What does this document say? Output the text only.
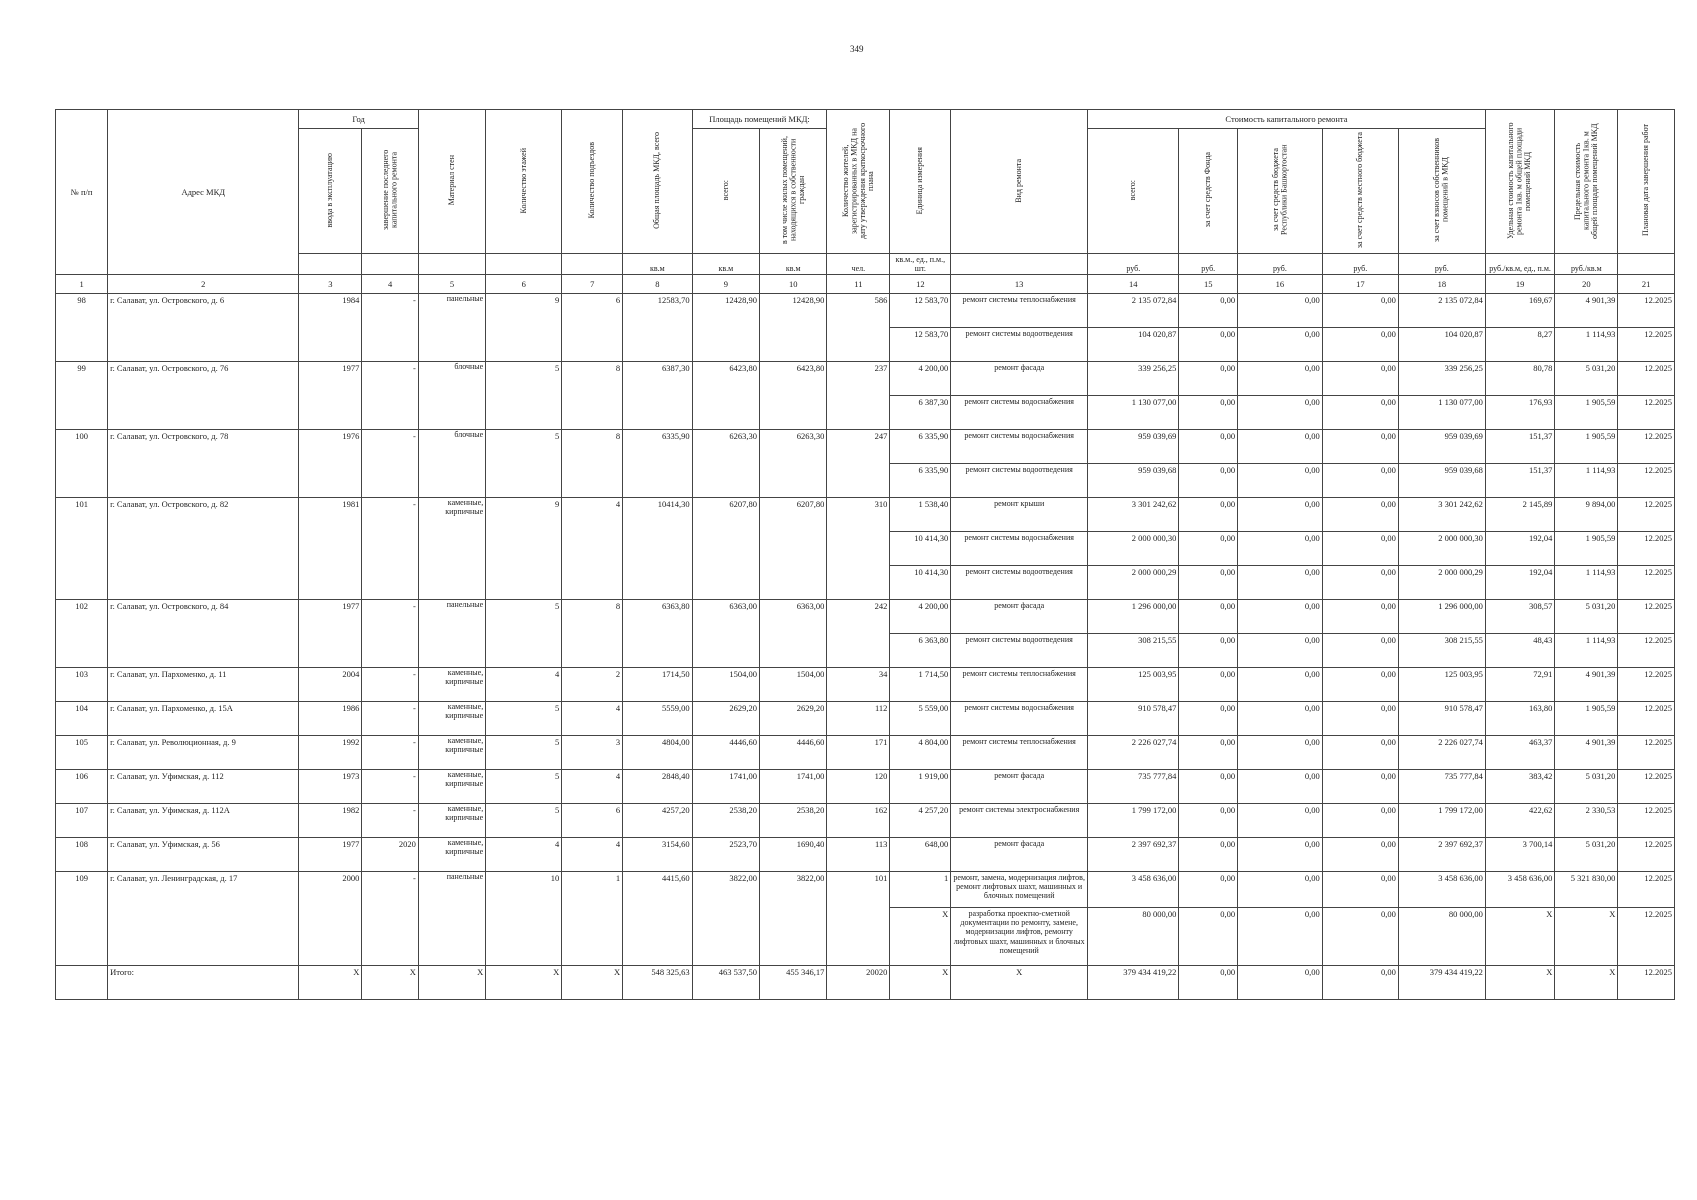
349
№ п/п	Адрес МКД	Год		Материал стен	Количество этажей	Количество подъездов	Общая площадь МКД, всего	Площадь помещений МКД:		Количество жителей, зарегистрированных в МКД на дату утверждения краткосрочного плана	Единица измерения	Вид ремонта	Стоимость капитального ремонта					Удельная стоимость капитального ремонта 1кв. м общей площади помещений МКД	Предельная стоимость капитального ремонта 1кв. м общей площади помещений МКД	Плановая дата завершения работ
		ввода в эксплуатацию	завершение последнего капитального ремонта					всего:	в том числе жилых помещений, находящихся в собственности граждан				всего:	за счет средств Фонда	за счет средств бюджета Республики Башкортостан	за счет средств местного бюджета	за счет взносов собственников помещений в МКД			
							кв.м	кв.м	кв.м	чел.	кв.м., ед., п.м., шт.		руб.	руб.	руб.	руб.	руб.	руб./кв.м, ед., п.м.	руб./кв.м	
1	2	3	4	5	6	7	8	9	10	11	12	13	14	15	16	17	18	19	20	21
98	г. Салават, ул. Островского, д. 6	1984	-	панельные	9	6	12583,70	12428,90	12428,90	586	12 583,70	ремонт системы теплоснабжения	2 135 072,84	0,00	0,00	0,00	2 135 072,84	169,67	4 901,39	12.2025
											12 583,70	ремонт системы водоотведения	104 020,87	0,00	0,00	0,00	104 020,87	8,27	1 114,93	12.2025
99	г. Салават, ул. Островского, д. 76	1977	-	блочные	5	8	6387,30	6423,80	6423,80	237	4 200,00	ремонт фасада	339 256,25	0,00	0,00	0,00	339 256,25	80,78	5 031,20	12.2025
											6 387,30	ремонт системы водоснабжения	1 130 077,00	0,00	0,00	0,00	1 130 077,00	176,93	1 905,59	12.2025
100	г. Салават, ул. Островского, д. 78	1976	-	блочные	5	8	6335,90	6263,30	6263,30	247	6 335,90	ремонт системы водоснабжения	959 039,69	0,00	0,00	0,00	959 039,69	151,37	1 905,59	12.2025
											6 335,90	ремонт системы водоотведения	959 039,68	0,00	0,00	0,00	959 039,68	151,37	1 114,93	12.2025
101	г. Салават, ул. Островского, д. 82	1981	-	каменные, кирпичные	9	4	10414,30	6207,80	6207,80	310	1 538,40	ремонт крыши	3 301 242,62	0,00	0,00	0,00	3 301 242,62	2 145,89	9 894,00	12.2025
											10 414,30	ремонт системы водоснабжения	2 000 000,30	0,00	0,00	0,00	2 000 000,30	192,04	1 905,59	12.2025
											10 414,30	ремонт системы водоотведения	2 000 000,29	0,00	0,00	0,00	2 000 000,29	192,04	1 114,93	12.2025
102	г. Салават, ул. Островского, д. 84	1977	-	панельные	5	8	6363,80	6363,00	6363,00	242	4 200,00	ремонт фасада	1 296 000,00	0,00	0,00	0,00	1 296 000,00	308,57	5 031,20	12.2025
											6 363,80	ремонт системы водоотведения	308 215,55	0,00	0,00	0,00	308 215,55	48,43	1 114,93	12.2025
103	г. Салават, ул. Пархоменко, д. 11	2004	-	каменные, кирпичные	4	2	1714,50	1504,00	1504,00	34	1 714,50	ремонт системы теплоснабжения	125 003,95	0,00	0,00	0,00	125 003,95	72,91	4 901,39	12.2025
104	г. Салават, ул. Пархоменко, д. 15А	1986	-	каменные, кирпичные	5	4	5559,00	2629,20	2629,20	112	5 559,00	ремонт системы водоснабжения	910 578,47	0,00	0,00	0,00	910 578,47	163,80	1 905,59	12.2025
105	г. Салават, ул. Революционная, д. 9	1992	-	каменные, кирпичные	5	3	4804,00	4446,60	4446,60	171	4 804,00	ремонт системы теплоснабжения	2 226 027,74	0,00	0,00	0,00	2 226 027,74	463,37	4 901,39	12.2025
106	г. Салават, ул. Уфимская, д. 112	1973	-	каменные, кирпичные	5	4	2848,40	1741,00	1741,00	120	1 919,00	ремонт фасада	735 777,84	0,00	0,00	0,00	735 777,84	383,42	5 031,20	12.2025
107	г. Салават, ул. Уфимская, д. 112А	1982	-	каменные, кирпичные	5	6	4257,20	2538,20	2538,20	162	4 257,20	ремонт системы электроснабжения	1 799 172,00	0,00	0,00	0,00	1 799 172,00	422,62	2 330,53	12.2025
108	г. Салават, ул. Уфимская, д. 56	1977	2020	каменные, кирпичные	4	4	3154,60	2523,70	1690,40	113	648,00	ремонт фасада	2 397 692,37	0,00	0,00	0,00	2 397 692,37	3 700,14	5 031,20	12.2025
109	г. Салават, ул. Ленинградская, д. 17	2000	-	панельные	10	1	4415,60	3822,00	3822,00	101	1	ремонт, замена, модернизация лифтов, ремонт лифтовых шахт, машинных и блочных помещений	3 458 636,00	0,00	0,00	0,00	3 458 636,00	3 458 636,00	5 321 830,00	12.2025
											X	разработка проектно-сметной документации по ремонту, замене, модернизации лифтов, ремонту лифтовых шахт, машинных и блочных помещений	80 000,00	0,00	0,00	0,00	80 000,00	X	X	12.2025
	Итого:	X	X	X	X	X	548 325,63	463 537,50	455 346,17	20020	X	X	379 434 419,22	0,00	0,00	0,00	379 434 419,22	X	X	12.2025
